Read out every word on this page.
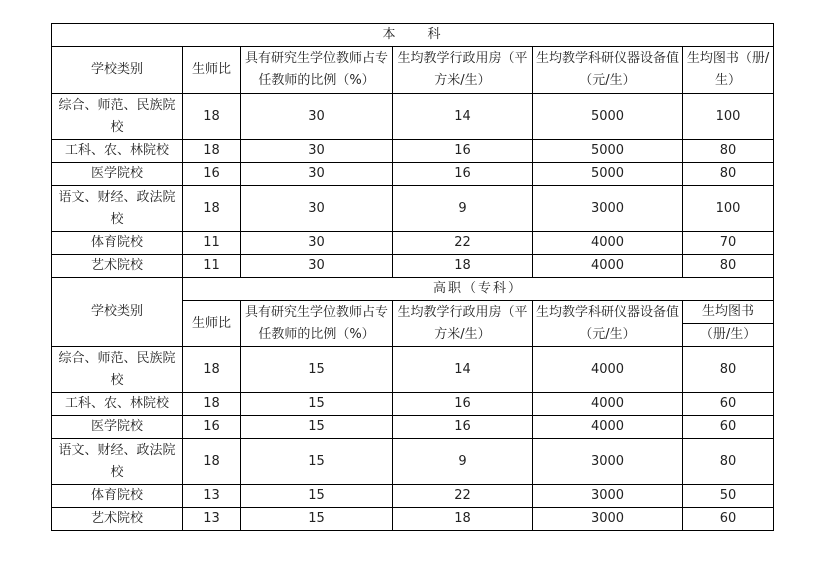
本　　科					
学校类别	生师比	具有研究生学位教师占专任教师的比例（%）	生均教学行政用房（平方米/生）	生均教学科研仪器设备值（元/生）	生均图书（册/生）
综合、师范、民族院校	18	30	14	5000	100
工科、农、林院校	18	30	16	5000	80
医学院校	16	30	16	5000	80
语文、财经、政法院校	18	30	9	3000	100
体育院校	11	30	22	4000	70
艺术院校	11	30	18	4000	80
学校类别	高职（专科）				
	生师比	具有研究生学位教师占专任教师的比例（%）	生均教学行政用房（平方米/生）	生均教学科研仪器设备值（元/生）	生均图书
					（册/生）
综合、师范、民族院校	18	15	14	4000	80
工科、农、林院校	18	15	16	4000	60
医学院校	16	15	16	4000	60
语文、财经、政法院校	18	15	9	3000	80
体育院校	13	15	22	3000	50
艺术院校	13	15	18	3000	60
